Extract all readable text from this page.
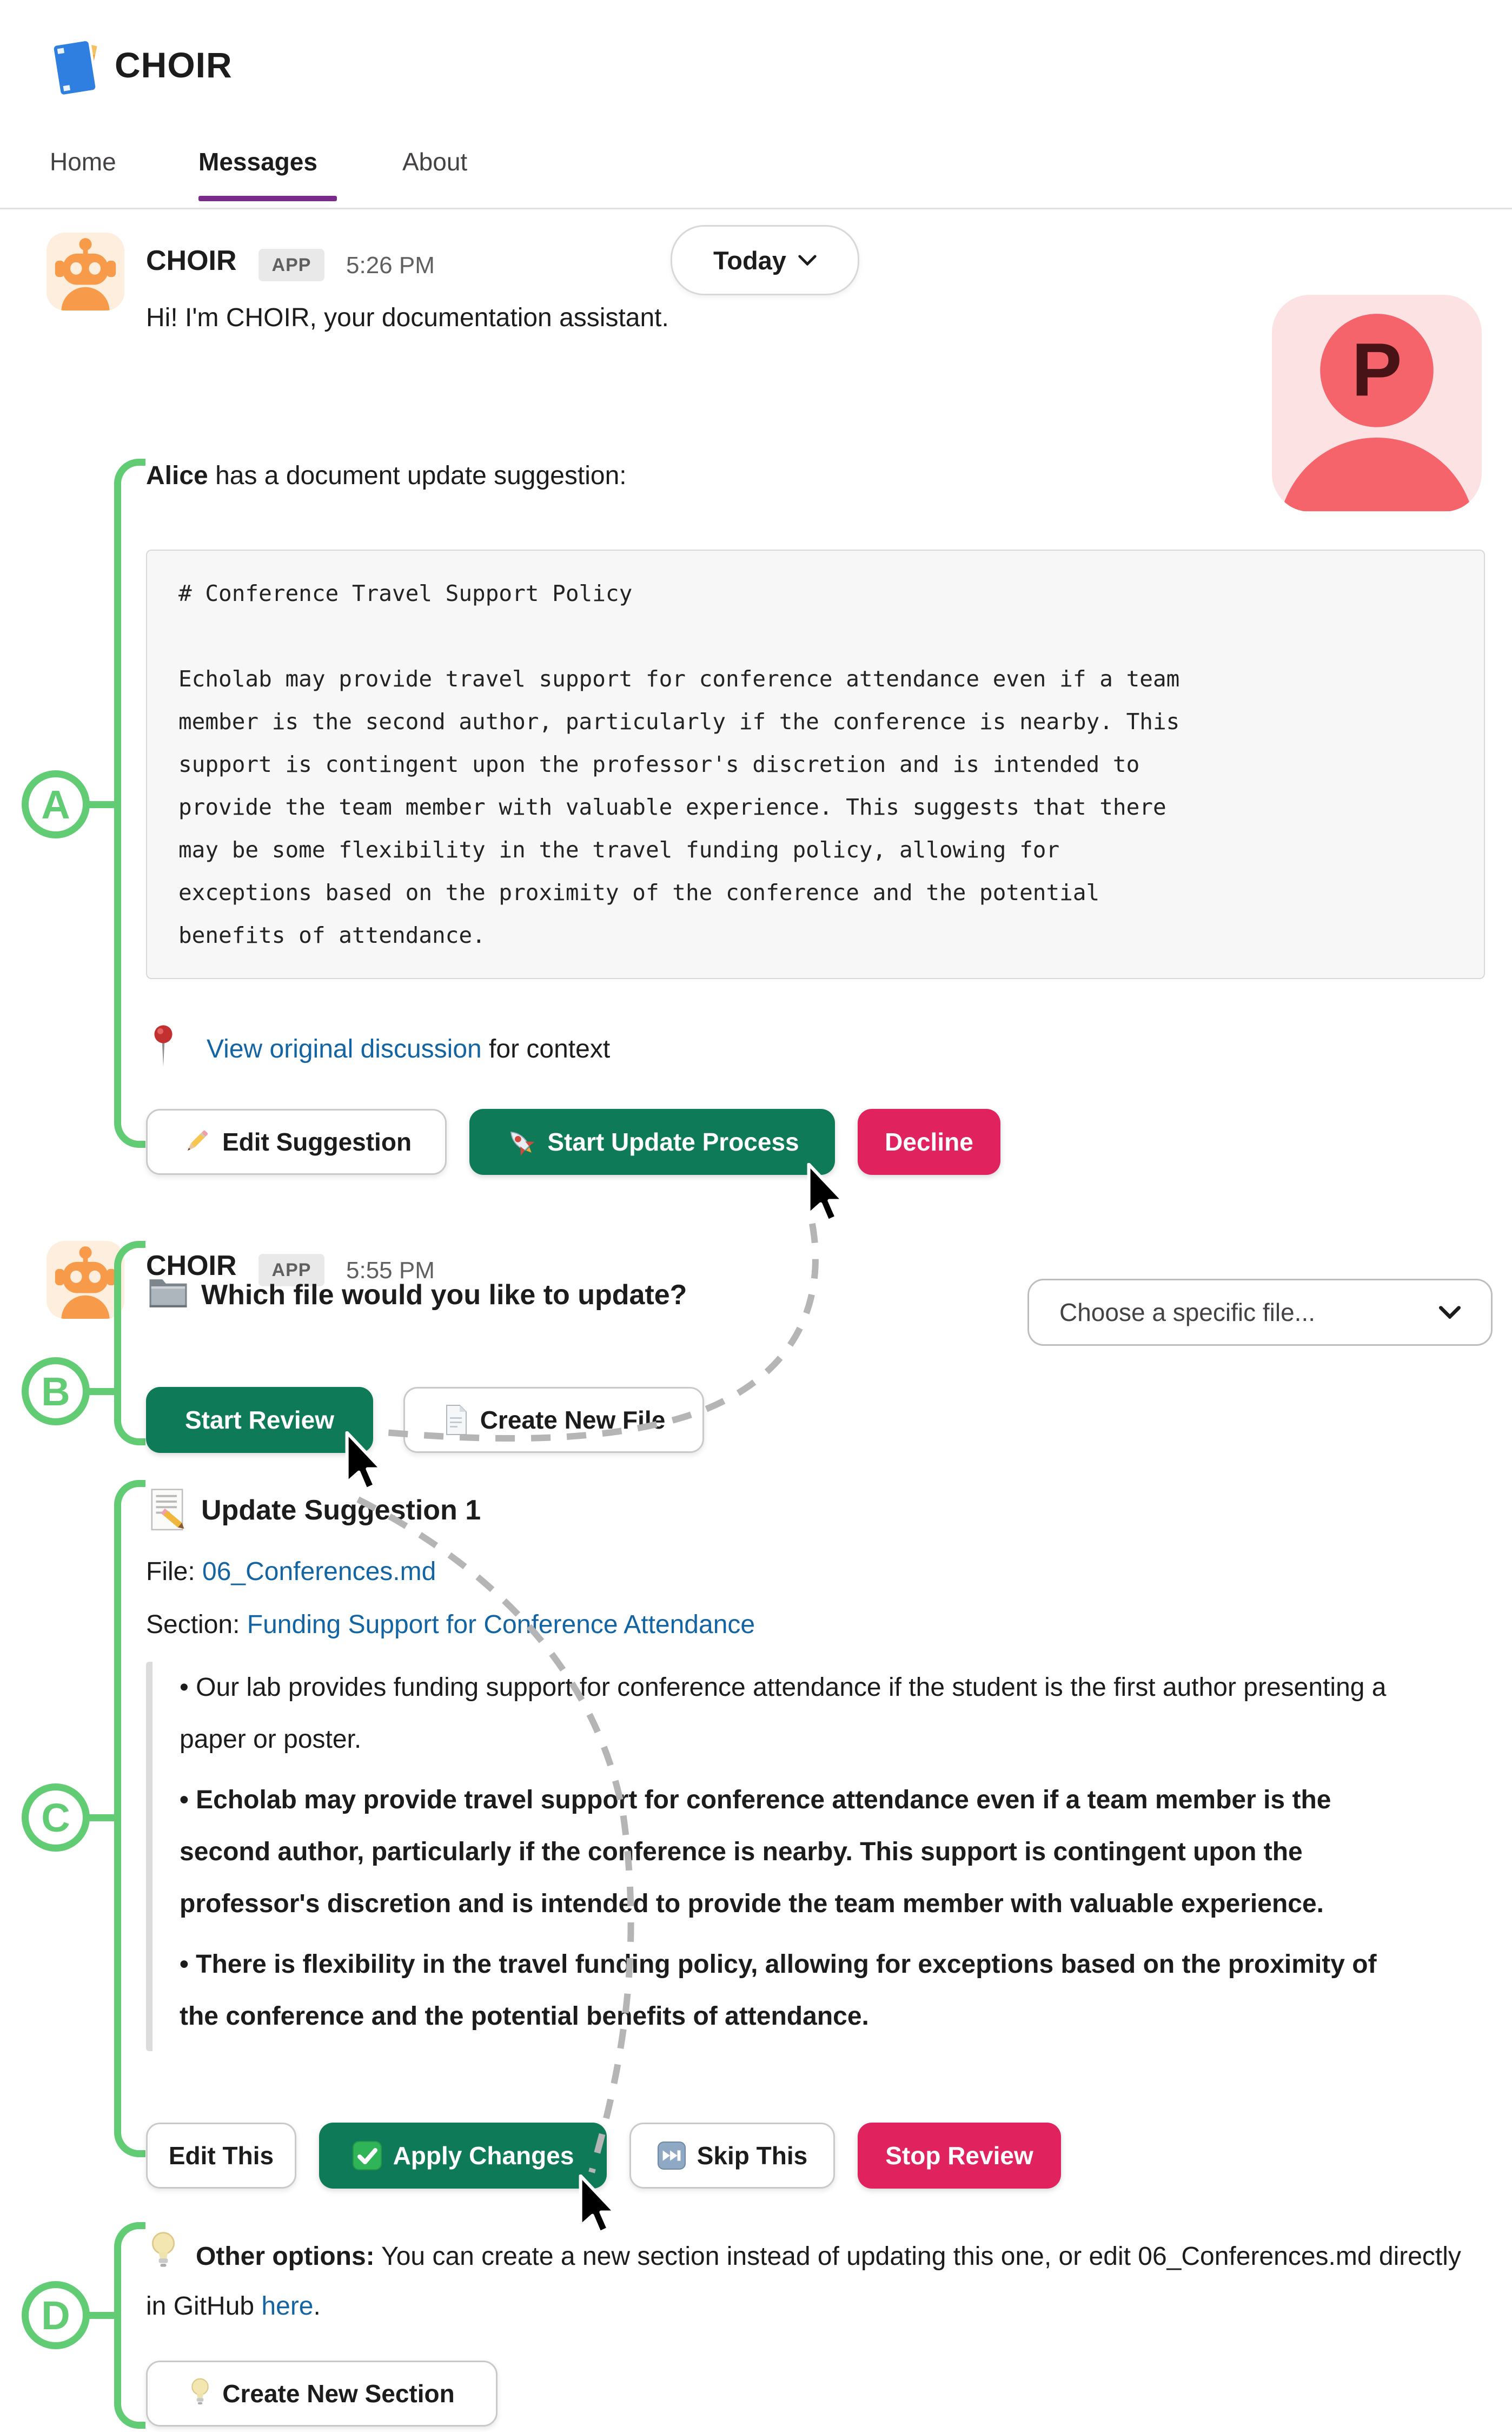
CHOIR
Home	Messages	About
CHOIR	APP	5:26 PM	Today
Hi! I'm CHOIR, your documentation assistant.
P
A
Alice has a document update suggestion:
# Conference Travel Support Policy
Echolab may provide travel support for conference attendance even if a team
member is the second author, particularly if the conference is nearby. This
support is contingent upon the professor's discretion and is intended to
provide the team member with valuable experience. This suggests that there
may be some flexibility in the travel funding policy, allowing for
exceptions based on the proximity of the conference and the potential
benefits of attendance.
View original discussion for context
Edit Suggestion	Start Update Process	Decline
CHOIR	APP	5:55 PM
B
Which file would you like to update?
Choose a specific file...
Start Review	Create New File
C
Update Suggestion 1
File: 06_Conferences.md
Section: Funding Support for Conference Attendance

• Our lab provides funding support for conference attendance if the student is the first author presenting a paper or poster.

• Echolab may provide travel support for conference attendance even if a team member is the second author, particularly if the conference is nearby. This support is contingent upon the professor's discretion and is intended to provide the team member with valuable experience.

• There is flexibility in the travel funding policy, allowing for exceptions based on the proximity of the conference and the potential benefits of attendance.

Edit This	Apply Changes	Skip This	Stop Review
D
Other options: You can create a new section instead of updating this one, or edit 06_Conferences.md directly in GitHub here.
Create New Section
